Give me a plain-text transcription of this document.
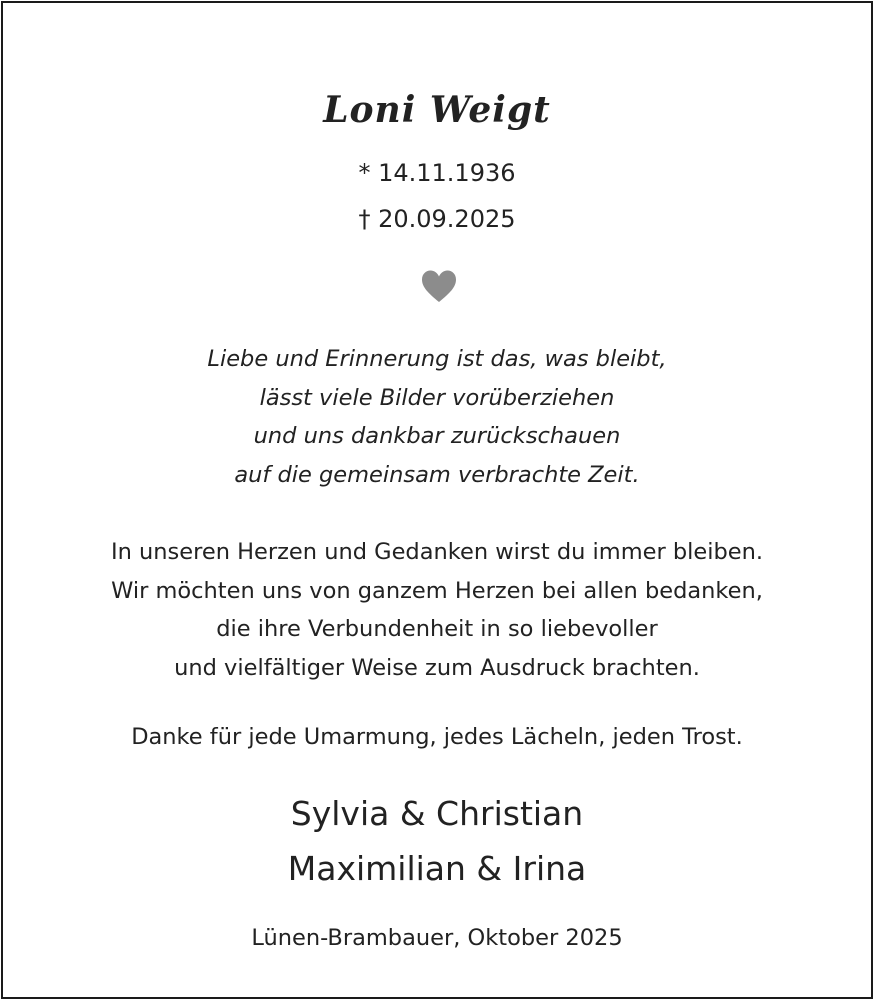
Loni Weigt
* 14.11.1936
† 20.09.2025
Liebe und Erinnerung ist das, was bleibt,
lässt viele Bilder vorüberziehen
und uns dankbar zurückschauen
auf die gemeinsam verbrachte Zeit.
In unseren Herzen und Gedanken wirst du immer bleiben.
Wir möchten uns von ganzem Herzen bei allen bedanken,
die ihre Verbundenheit in so liebevoller
und vielfältiger Weise zum Ausdruck brachten.
Danke für jede Umarmung, jedes Lächeln, jeden Trost.
Sylvia & Christian
Maximilian & Irina
Lünen-Brambauer, Oktober 2025
